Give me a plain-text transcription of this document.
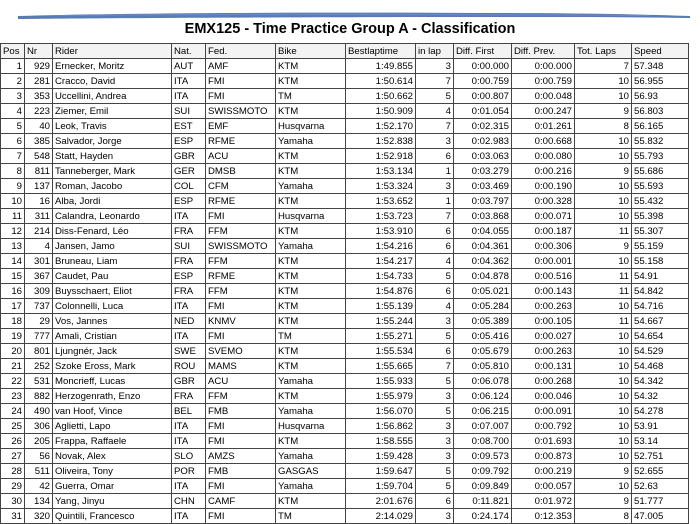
EMX125 - Time Practice Group A - Classification
Pos	Nr	Rider	Nat.	Fed.	Bike	Bestlaptime	in lap	Diff. First	Diff. Prev.	Tot. Laps	Speed
1	929	Ernecker, Moritz	AUT	AMF	KTM	1:49.855	3	0:00.000	0:00.000	7	57.348
2	281	Cracco, David	ITA	FMI	KTM	1:50.614	7	0:00.759	0:00.759	10	56.955
3	353	Uccellini, Andrea	ITA	FMI	TM	1:50.662	5	0:00.807	0:00.048	10	56.93
4	223	Ziemer, Emil	SUI	SWISSMOTO	KTM	1:50.909	4	0:01.054	0:00.247	9	56.803
5	40	Leok, Travis	EST	EMF	Husqvarna	1:52.170	7	0:02.315	0:01.261	8	56.165
6	385	Salvador, Jorge	ESP	RFME	Yamaha	1:52.838	3	0:02.983	0:00.668	10	55.832
7	548	Statt, Hayden	GBR	ACU	KTM	1:52.918	6	0:03.063	0:00.080	10	55.793
8	811	Tanneberger, Mark	GER	DMSB	KTM	1:53.134	1	0:03.279	0:00.216	9	55.686
9	137	Roman, Jacobo	COL	CFM	Yamaha	1:53.324	3	0:03.469	0:00.190	10	55.593
10	16	Alba, Jordi	ESP	RFME	KTM	1:53.652	1	0:03.797	0:00.328	10	55.432
11	311	Calandra, Leonardo	ITA	FMI	Husqvarna	1:53.723	7	0:03.868	0:00.071	10	55.398
12	214	Diss-Fenard, Léo	FRA	FFM	KTM	1:53.910	6	0:04.055	0:00.187	11	55.307
13	4	Jansen, Jamo	SUI	SWISSMOTO	Yamaha	1:54.216	6	0:04.361	0:00.306	9	55.159
14	301	Bruneau, Liam	FRA	FFM	KTM	1:54.217	4	0:04.362	0:00.001	10	55.158
15	367	Caudet, Pau	ESP	RFME	KTM	1:54.733	5	0:04.878	0:00.516	11	54.91
16	309	Buysschaert, Eliot	FRA	FFM	KTM	1:54.876	6	0:05.021	0:00.143	11	54.842
17	737	Colonnelli, Luca	ITA	FMI	KTM	1:55.139	4	0:05.284	0:00.263	10	54.716
18	29	Vos, Jannes	NED	KNMV	KTM	1:55.244	3	0:05.389	0:00.105	11	54.667
19	777	Amali, Cristian	ITA	FMI	TM	1:55.271	5	0:05.416	0:00.027	10	54.654
20	801	Ljungnér, Jack	SWE	SVEMO	KTM	1:55.534	6	0:05.679	0:00.263	10	54.529
21	252	Szoke Eross, Mark	ROU	MAMS	KTM	1:55.665	7	0:05.810	0:00.131	10	54.468
22	531	Moncrieff, Lucas	GBR	ACU	Yamaha	1:55.933	5	0:06.078	0:00.268	10	54.342
23	882	Herzogenrath, Enzo	FRA	FFM	KTM	1:55.979	3	0:06.124	0:00.046	10	54.32
24	490	van Hoof, Vince	BEL	FMB	Yamaha	1:56.070	5	0:06.215	0:00.091	10	54.278
25	306	Aglietti, Lapo	ITA	FMI	Husqvarna	1:56.862	3	0:07.007	0:00.792	10	53.91
26	205	Frappa, Raffaele	ITA	FMI	KTM	1:58.555	3	0:08.700	0:01.693	10	53.14
27	56	Novak, Alex	SLO	AMZS	Yamaha	1:59.428	3	0:09.573	0:00.873	10	52.751
28	511	Oliveira, Tony	POR	FMB	GASGAS	1:59.647	5	0:09.792	0:00.219	9	52.655
29	42	Guerra, Omar	ITA	FMI	Yamaha	1:59.704	5	0:09.849	0:00.057	10	52.63
30	134	Yang, Jinyu	CHN	CAMF	KTM	2:01.676	6	0:11.821	0:01.972	9	51.777
31	320	Quintili, Francesco	ITA	FMI	TM	2:14.029	3	0:24.174	0:12.353	8	47.005
